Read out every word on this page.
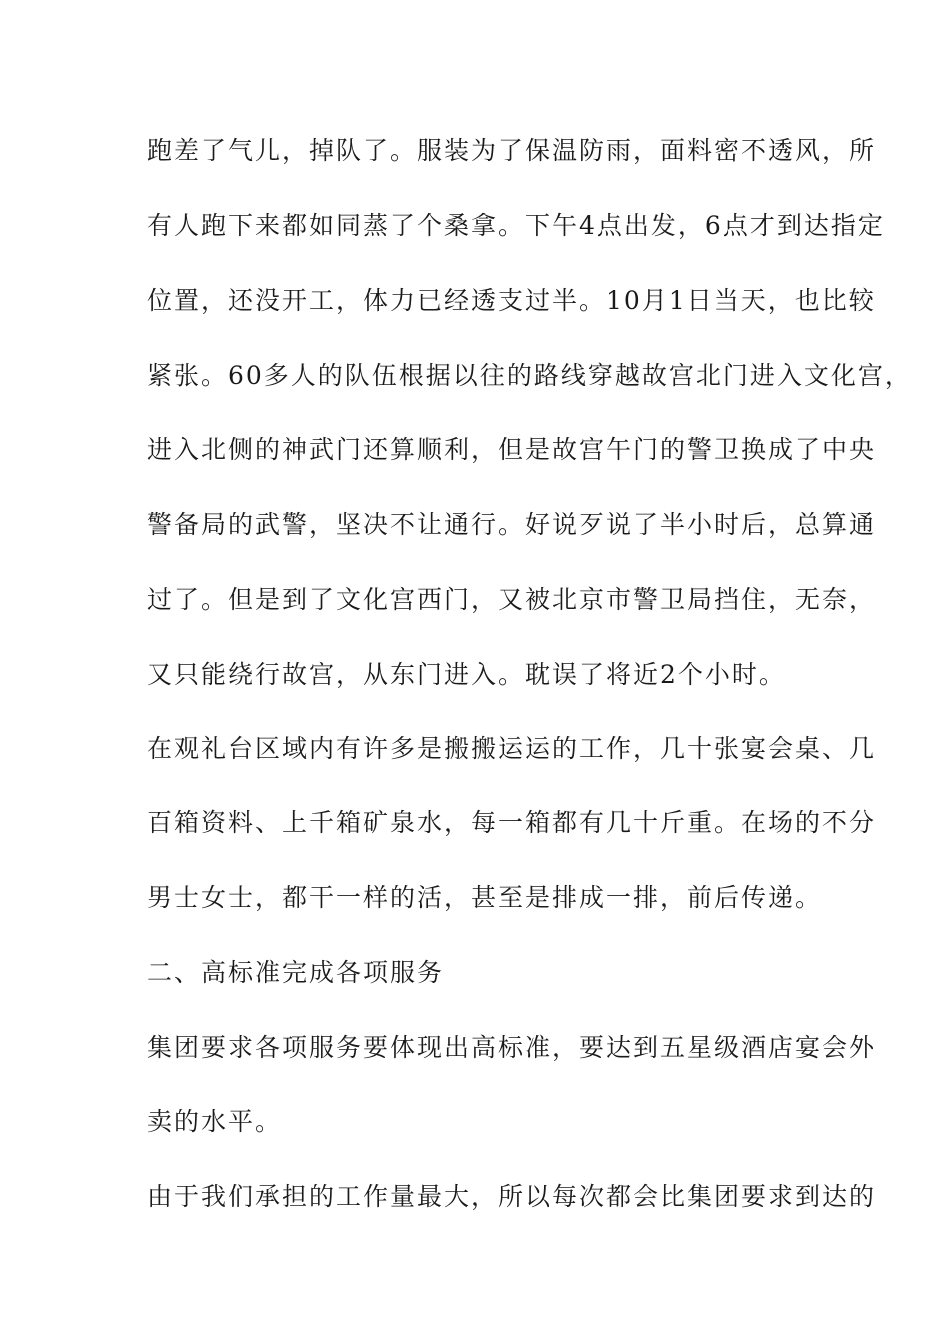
跑差了气儿，掉队了。服装为了保温防雨，面料密不透风，所

有人跑下来都如同蒸了个桑拿。下午4点出发，6点才到达指定

位置，还没开工，体力已经透支过半。10月1日当天，也比较

紧张。60多人的队伍根据以往的路线穿越故宫北门进入文化宫，

进入北侧的神武门还算顺利，但是故宫午门的警卫换成了中央

警备局的武警，坚决不让通行。好说歹说了半小时后，总算通

过了。但是到了文化宫西门，又被北京市警卫局挡住，无奈，

又只能绕行故宫，从东门进入。耽误了将近2个小时。

在观礼台区域内有许多是搬搬运运的工作，几十张宴会桌、几

百箱资料、上千箱矿泉水，每一箱都有几十斤重。在场的不分

男士女士，都干一样的活，甚至是排成一排，前后传递。

二、高标准完成各项服务

集团要求各项服务要体现出高标准，要达到五星级酒店宴会外

卖的水平。

由于我们承担的工作量最大，所以每次都会比集团要求到达的
